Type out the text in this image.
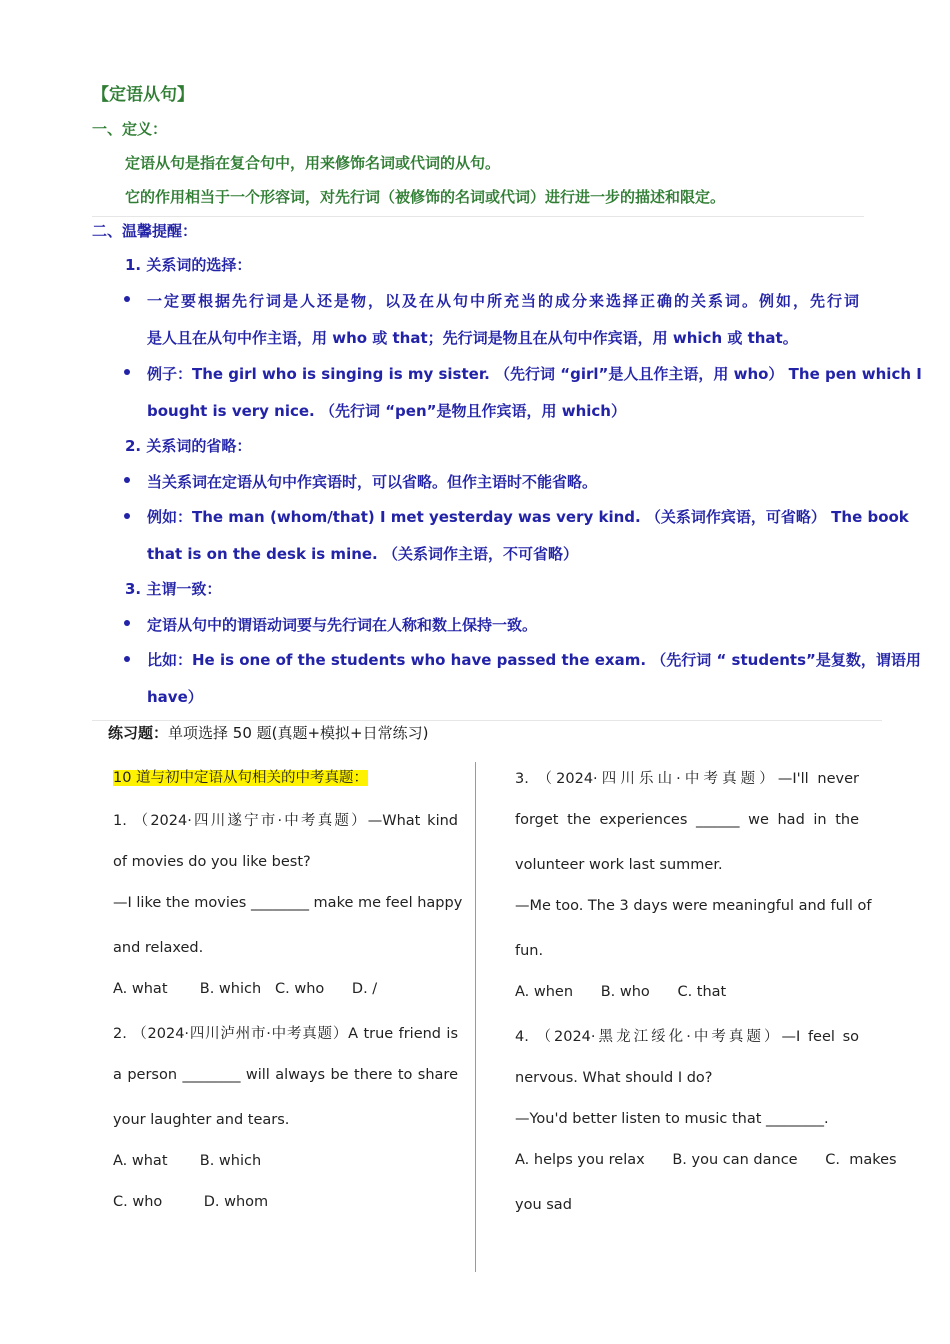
【定语从句】
一、定义：
定语从句是指在复合句中，用来修饰名词或代词的从句。
它的作用相当于一个形容词，对先行词（被修饰的名词或代词）进行进一步的描述和限定。
二、温馨提醒：
1. 关系词的选择：
一定要根据先行词是人还是物，以及在从句中所充当的成分来选择正确的关系词。例如，先行词
是人且在从句中作主语，用 who 或 that；先行词是物且在从句中作宾语，用 which 或 that。
例子：The girl who is singing is my sister. （先行词 “girl”是人且作主语，用 who） The pen which I
bought is very nice. （先行词 “pen”是物且作宾语，用 which）
2. 关系词的省略：
当关系词在定语从句中作宾语时，可以省略。但作主语时不能省略。
例如：The man (whom/that) I met yesterday was very kind. （关系词作宾语，可省略） The book
that is on the desk is mine. （关系词作主语，不可省略）
3. 主谓一致：
定语从句中的谓语动词要与先行词在人称和数上保持一致。
比如：He is one of the students who have passed the exam. （先行词 “ students”是复数，谓语用
have）
练习题：单项选择 50 题(真题+模拟+日常练习)
10 道与初中定语从句相关的中考真题：
1. （2024·四川遂宁市·中考真题）—What kind
of movies do you like best?
—I like the movies ________ make me feel happy
and relaxed.
A. what       B. which   C. who      D. /
2. （2024·四川泸州市·中考真题）A true friend is
a person ________ will always be there to share
your laughter and tears.
A. what       B. which
C. who         D. whom
3. （2024·四川乐山·中考真题）—I'll never
forget the experiences ______ we had in the
volunteer work last summer.
—Me too. The 3 days were meaningful and full of
fun.
A. when      B. who      C. that
4. （2024·黑龙江绥化·中考真题）—I feel so
nervous. What should I do?
—You'd better listen to music that ________.
A. helps you relax      B. you can dance      C.  makes
you sad
